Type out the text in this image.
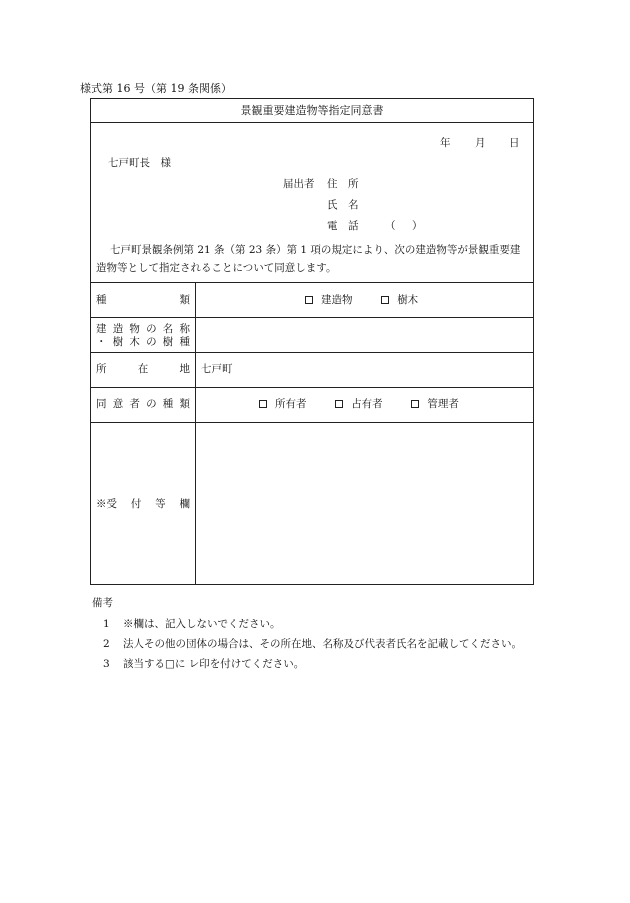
様式第 16 号（第 19 条関係）
景観重要建造物等指定同意書
年 月 日
七戸町長　様
届出者 住　所
氏　名
電　話	（ ）
七戸町景観条例第 21 条（第 23 条）第 1 項の規定により、次の建造物等が景観重要建造物等として指定されることについて同意します。
種	類	建造物	樹木
建 造 物 の 名 称
・ 樹 木 の 樹 種
所	在	地 七戸町
同 意 者 の 種 類	所有者	占有者	管理者
※受 付 等 欄
備考
1 ※欄は、記入しないでください。
2 法人その他の団体の場合は、その所在地、名称及び代表者氏名を記載してください。
3 該当する□に レ印を付けてください。
